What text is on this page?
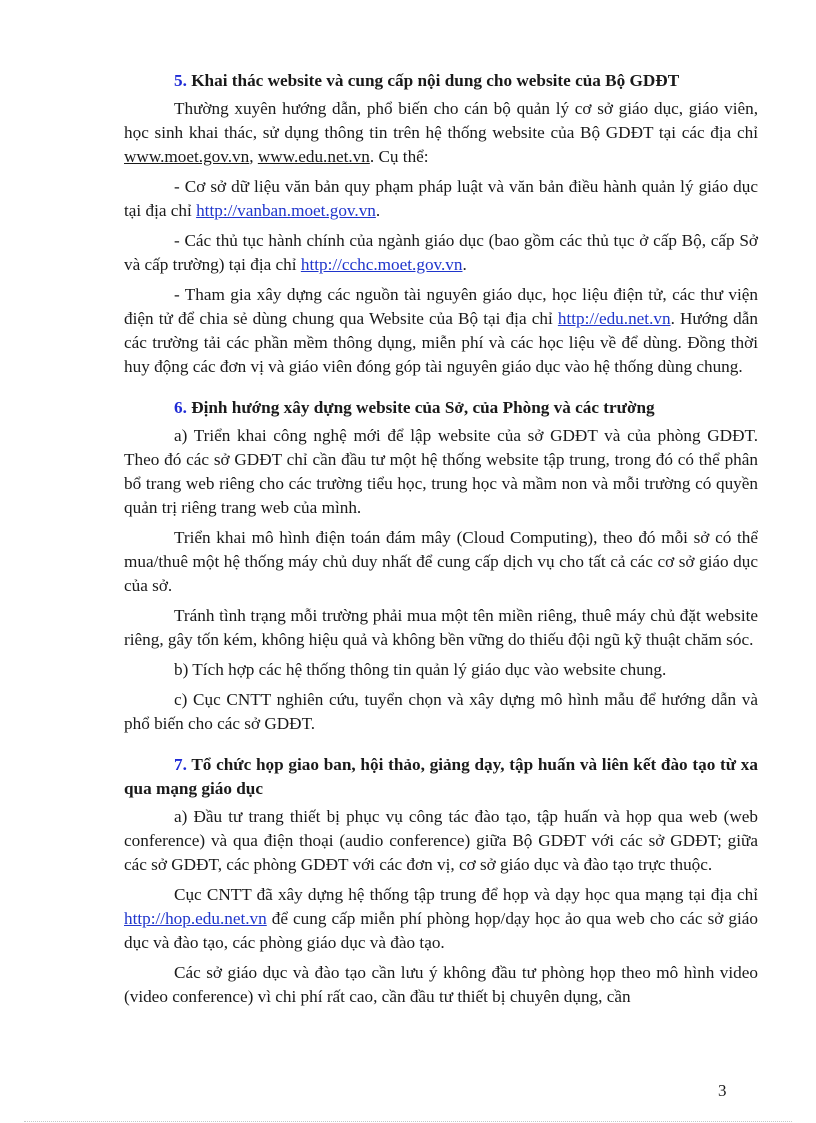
5. Khai thác website và cung cấp nội dung cho website của Bộ GDĐT

Thường xuyên hướng dẫn, phổ biến cho cán bộ quản lý cơ sở giáo dục, giáo viên, học sinh khai thác, sử dụng thông tin trên hệ thống website của Bộ GDĐT tại các địa chỉ www.moet.gov.vn, www.edu.net.vn. Cụ thể:

- Cơ sở dữ liệu văn bản quy phạm pháp luật và văn bản điều hành quản lý giáo dục tại địa chỉ http://vanban.moet.gov.vn.

- Các thủ tục hành chính của ngành giáo dục (bao gồm các thủ tục ở cấp Bộ, cấp Sở và cấp trường) tại địa chỉ http://cchc.moet.gov.vn.

- Tham gia xây dựng các nguồn tài nguyên giáo dục, học liệu điện tử, các thư viện điện tử để chia sẻ dùng chung qua Website của Bộ tại địa chỉ http://edu.net.vn. Hướng dẫn các trường tải các phần mềm thông dụng, miễn phí và các học liệu về để dùng. Đồng thời huy động các đơn vị và giáo viên đóng góp tài nguyên giáo dục vào hệ thống dùng chung.

6. Định hướng xây dựng website của Sở, của Phòng và các trường

a) Triển khai công nghệ mới để lập website của sở GDĐT và của phòng GDĐT. Theo đó các sở GDĐT chỉ cần đầu tư một hệ thống website tập trung, trong đó có thể phân bổ trang web riêng cho các trường tiểu học, trung học và mầm non và mỗi trường có quyền quản trị riêng trang web của mình.

Triển khai mô hình điện toán đám mây (Cloud Computing), theo đó mỗi sở có thể mua/thuê một hệ thống máy chủ duy nhất để cung cấp dịch vụ cho tất cả các cơ sở giáo dục của sở.

Tránh tình trạng mỗi trường phải mua một tên miền riêng, thuê máy chủ đặt website riêng, gây tốn kém, không hiệu quả và không bền vững do thiếu đội ngũ kỹ thuật chăm sóc.

b) Tích hợp các hệ thống thông tin quản lý giáo dục vào website chung.

c) Cục CNTT nghiên cứu, tuyển chọn và xây dựng mô hình mẫu để hướng dẫn và phổ biến cho các sở GDĐT.

7. Tổ chức họp giao ban, hội thảo, giảng dạy, tập huấn và liên kết đào tạo từ xa qua mạng giáo dục

a) Đầu tư trang thiết bị phục vụ công tác đào tạo, tập huấn và họp qua web (web conference) và qua điện thoại (audio conference) giữa Bộ GDĐT với các sở GDĐT; giữa các sở GDĐT, các phòng GDĐT với các đơn vị, cơ sở giáo dục và đào tạo trực thuộc.

Cục CNTT đã xây dựng hệ thống tập trung để họp và dạy học qua mạng tại địa chỉ http://hop.edu.net.vn để cung cấp miễn phí phòng họp/dạy học ảo qua web cho các sở giáo dục và đào tạo, các phòng giáo dục và đào tạo.

Các sở giáo dục và đào tạo cần lưu ý không đầu tư phòng họp theo mô hình video (video conference) vì chi phí rất cao, cần đầu tư thiết bị chuyên dụng, cần

3
